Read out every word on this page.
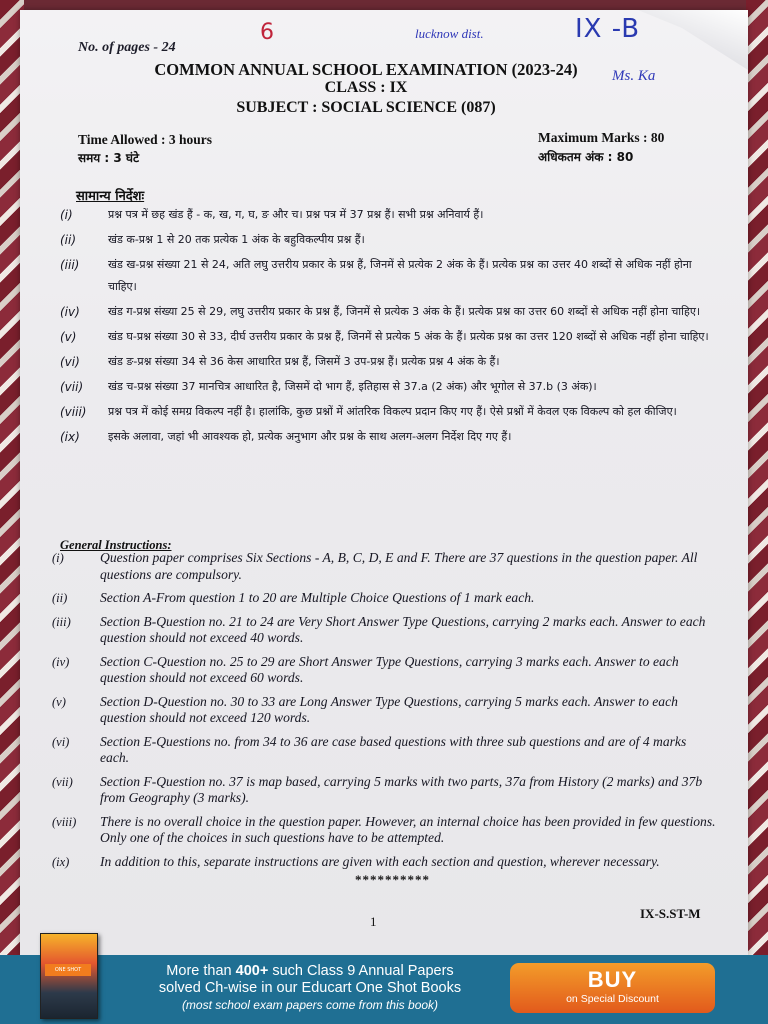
No. of pages - 24
6	lucknow dist.	IX -B
Ms. Ka
COMMON ANNUAL SCHOOL EXAMINATION (2023-24)
CLASS : IX
SUBJECT : SOCIAL SCIENCE (087)
Time Allowed : 3 hours
समय : 3 घंटे
Maximum Marks : 80
अधिकतम अंक : 80
सामान्य निर्देशः
(i)	प्रश्न पत्र में छह खंड हैं - क, ख, ग, घ, ङ और च। प्रश्न पत्र में 37 प्रश्न हैं। सभी प्रश्न अनिवार्य हैं।
(ii)	खंड क-प्रश्न 1 से 20 तक प्रत्येक 1 अंक के बहुविकल्पीय प्रश्न हैं।
(iii)	खंड ख-प्रश्न संख्या 21 से 24, अति लघु उत्तरीय प्रकार के प्रश्न हैं, जिनमें से प्रत्येक 2 अंक के हैं। प्रत्येक प्रश्न का उत्तर 40 शब्दों से अधिक नहीं होना चाहिए।
(iv)	खंड ग-प्रश्न संख्या 25 से 29, लघु उत्तरीय प्रकार के प्रश्न हैं, जिनमें से प्रत्येक 3 अंक के हैं। प्रत्येक प्रश्न का उत्तर 60 शब्दों से अधिक नहीं होना चाहिए।
(v)	खंड घ-प्रश्न संख्या 30 से 33, दीर्घ उत्तरीय प्रकार के प्रश्न हैं, जिनमें से प्रत्येक 5 अंक के हैं। प्रत्येक प्रश्न का उत्तर 120 शब्दों से अधिक नहीं होना चाहिए।
(vi)	खंड ङ-प्रश्न संख्या 34 से 36 केस आधारित प्रश्न हैं, जिसमें 3 उप-प्रश्न हैं। प्रत्येक प्रश्न 4 अंक के हैं।
(vii)	खंड च-प्रश्न संख्या 37 मानचित्र आधारित है, जिसमें दो भाग हैं, इतिहास से 37.a (2 अंक) और भूगोल से 37.b (3 अंक)।
(viii)	प्रश्न पत्र में कोई समग्र विकल्प नहीं है। हालांकि, कुछ प्रश्नों में आंतरिक विकल्प प्रदान किए गए हैं। ऐसे प्रश्नों में केवल एक विकल्प को हल कीजिए।
(ix)	इसके अलावा, जहां भी आवश्यक हो, प्रत्येक अनुभाग और प्रश्न के साथ अलग-अलग निर्देश दिए गए हैं।
General Instructions:
(i)	Question paper comprises Six Sections - A, B, C, D, E and F. There are 37 questions in the question paper. All questions are compulsory.
(ii)	Section A-From question 1 to 20 are Multiple Choice Questions of 1 mark each.
(iii)	Section B-Question no. 21 to 24 are Very Short Answer Type Questions, carrying 2 marks each. Answer to each question should not exceed 40 words.
(iv)	Section C-Question no. 25 to 29 are Short Answer Type Questions, carrying 3 marks each. Answer to each question should not exceed 60 words.
(v)	Section D-Question no. 30 to 33 are Long Answer Type Questions, carrying 5 marks each. Answer to each question should not exceed 120 words.
(vi)	Section E-Questions no. from 34 to 36 are case based questions with three sub questions and are of 4 marks each.
(vii)	Section F-Question no. 37 is map based, carrying 5 marks with two parts, 37a from History (2 marks) and 37b from Geography (3 marks).
(viii)	There is no overall choice in the question paper. However, an internal choice has been provided in few questions. Only one of the choices in such questions have to be attempted.
(ix)	In addition to this, separate instructions are given with each section and question, wherever necessary.
**********
1
IX-S.ST-M
ONE SHOT	More than 400+ such Class 9 Annual Papers
solved Ch-wise in our Educart One Shot Books
(most school exam papers come from this book)
BUY
on Special Discount
